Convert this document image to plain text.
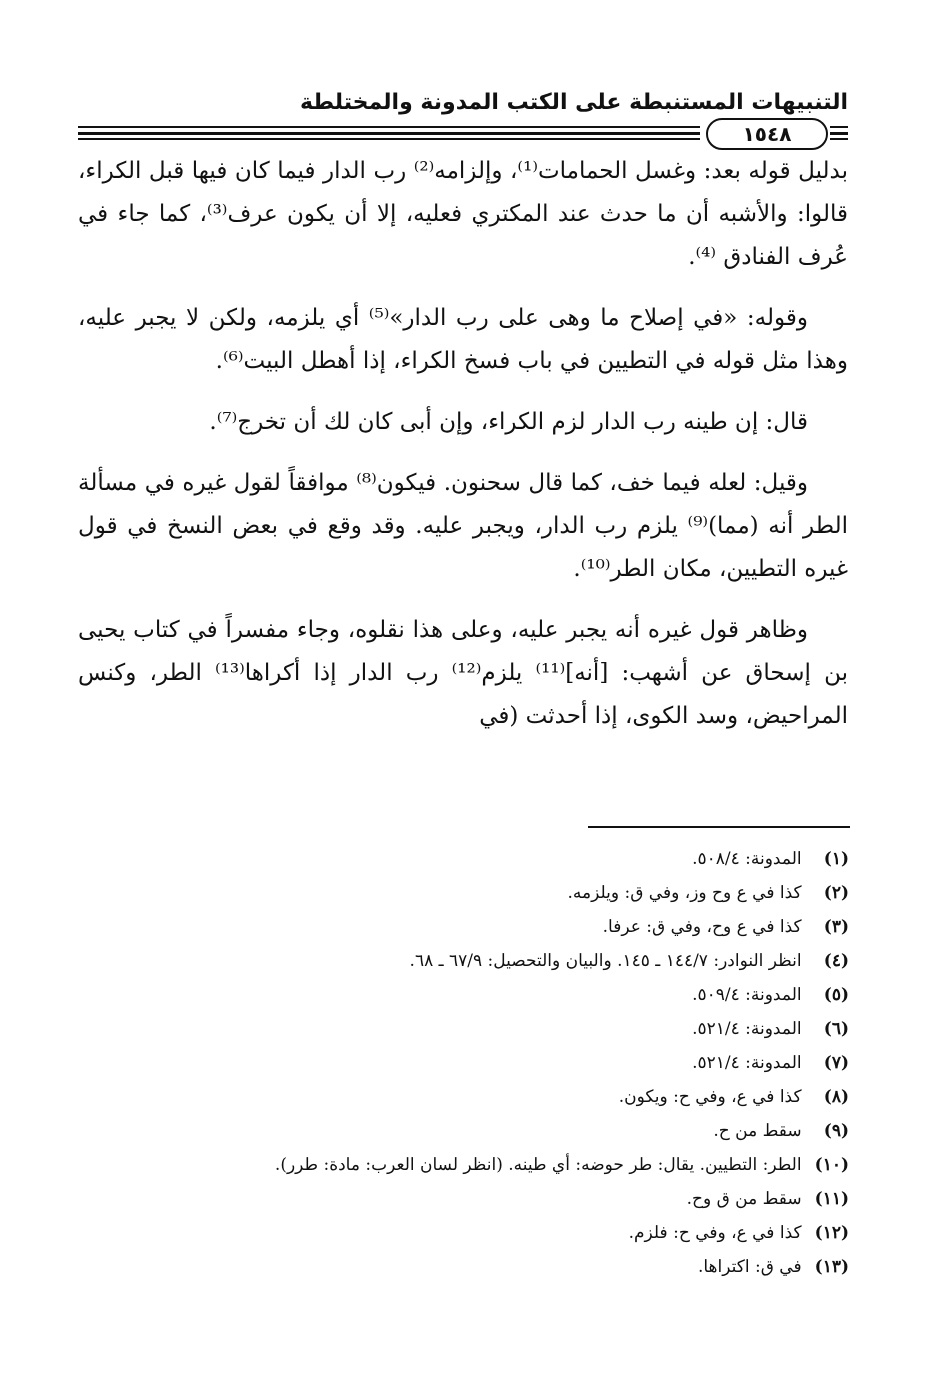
التنبيهات المستنبطة على الكتب المدونة والمختلطة
١٥٤٨

بدليل قوله بعد: وغسل الحمامات⁽¹⁾، وإلزامه⁽²⁾ رب الدار فيما كان فيها قبل الكراء، قالوا: والأشبه أن ما حدث عند المكتري فعليه، إلا أن يكون عرف⁽³⁾، كما جاء في عُرف الفنادق ⁽⁴⁾.

وقوله: «في إصلاح ما وهى على رب الدار»⁽⁵⁾ أي يلزمه، ولكن لا يجبر عليه، وهذا مثل قوله في التطيين في باب فسخ الكراء، إذا أهطل البيت⁽⁶⁾.

قال: إن طينه رب الدار لزم الكراء، وإن أبى كان لك أن تخرج⁽⁷⁾.

وقيل: لعله فيما خف، كما قال سحنون. فيكون⁽⁸⁾ موافقاً لقول غيره في مسألة الطر أنه (مما)⁽⁹⁾ يلزم رب الدار، ويجبر عليه. وقد وقع في بعض النسخ في قول غيره التطيين، مكان الطر⁽¹⁰⁾.

وظاهر قول غيره أنه يجبر عليه، وعلى هذا نقلوه، وجاء مفسراً في كتاب يحيى بن إسحاق عن أشهب: [أنه]⁽¹¹⁾ يلزم⁽¹²⁾ رب الدار إذا أكراها⁽¹³⁾ الطر، وكنس المراحيض، وسد الكوى، إذا أحدثت (في

(١) المدونة: ٥٠٨/٤.
(٢) كذا في ع وح وز، وفي ق: ويلزمه.
(٣) كذا في ع وح، وفي ق: عرفا.
(٤) انظر النوادر: ١٤٤/٧ ـ ١٤٥. والبيان والتحصيل: ٦٧/٩ ـ ٦٨.
(٥) المدونة: ٥٠٩/٤.
(٦) المدونة: ٥٢١/٤.
(٧) المدونة: ٥٢١/٤.
(٨) كذا في ع، وفي ح: ويكون.
(٩) سقط من ح.
(١٠) الطر: التطيين. يقال: طر حوضه: أي طينه. (انظر لسان العرب: مادة: طرر).
(١١) سقط من ق وح.
(١٢) كذا في ع، وفي ح: فلزم.
(١٣) في ق: اكتراها.
